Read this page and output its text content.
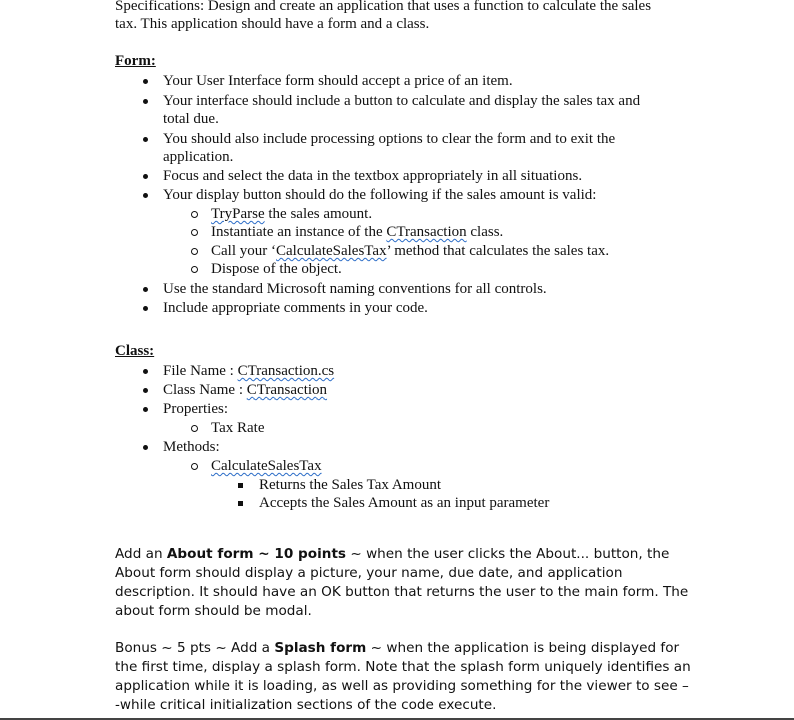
Specifications: Design and create an application that uses a function to calculate the sales
tax. This application should have a form and a class.
Form:
Your User Interface form should accept a price of an item.
Your interface should include a button to calculate and display the sales tax and
total due.
You should also include processing options to clear the form and to exit the
application.
Focus and select the data in the textbox appropriately in all situations.
Your display button should do the following if the sales amount is valid:
TryParse the sales amount.
Instantiate an instance of the CTransaction class.
Call your ‘CalculateSalesTax’ method that calculates the sales tax.
Dispose of the object.
Use the standard Microsoft naming conventions for all controls.
Include appropriate comments in your code.
Class:
File Name : CTransaction.cs
Class Name : CTransaction
Properties:
Tax Rate
Methods:
CalculateSalesTax
Returns the Sales Tax Amount
Accepts the Sales Amount as an input parameter
Add an About form ~ 10 points ~ when the user clicks the About... button, the
About form should display a picture, your name, due date, and application
description. It should have an OK button that returns the user to the main form. The
about form should be modal.
Bonus ~ 5 pts ~ Add a Splash form ~ when the application is being displayed for
the first time, display a splash form. Note that the splash form uniquely identifies an
application while it is loading, as well as providing something for the viewer to see –
-while critical initialization sections of the code execute.
